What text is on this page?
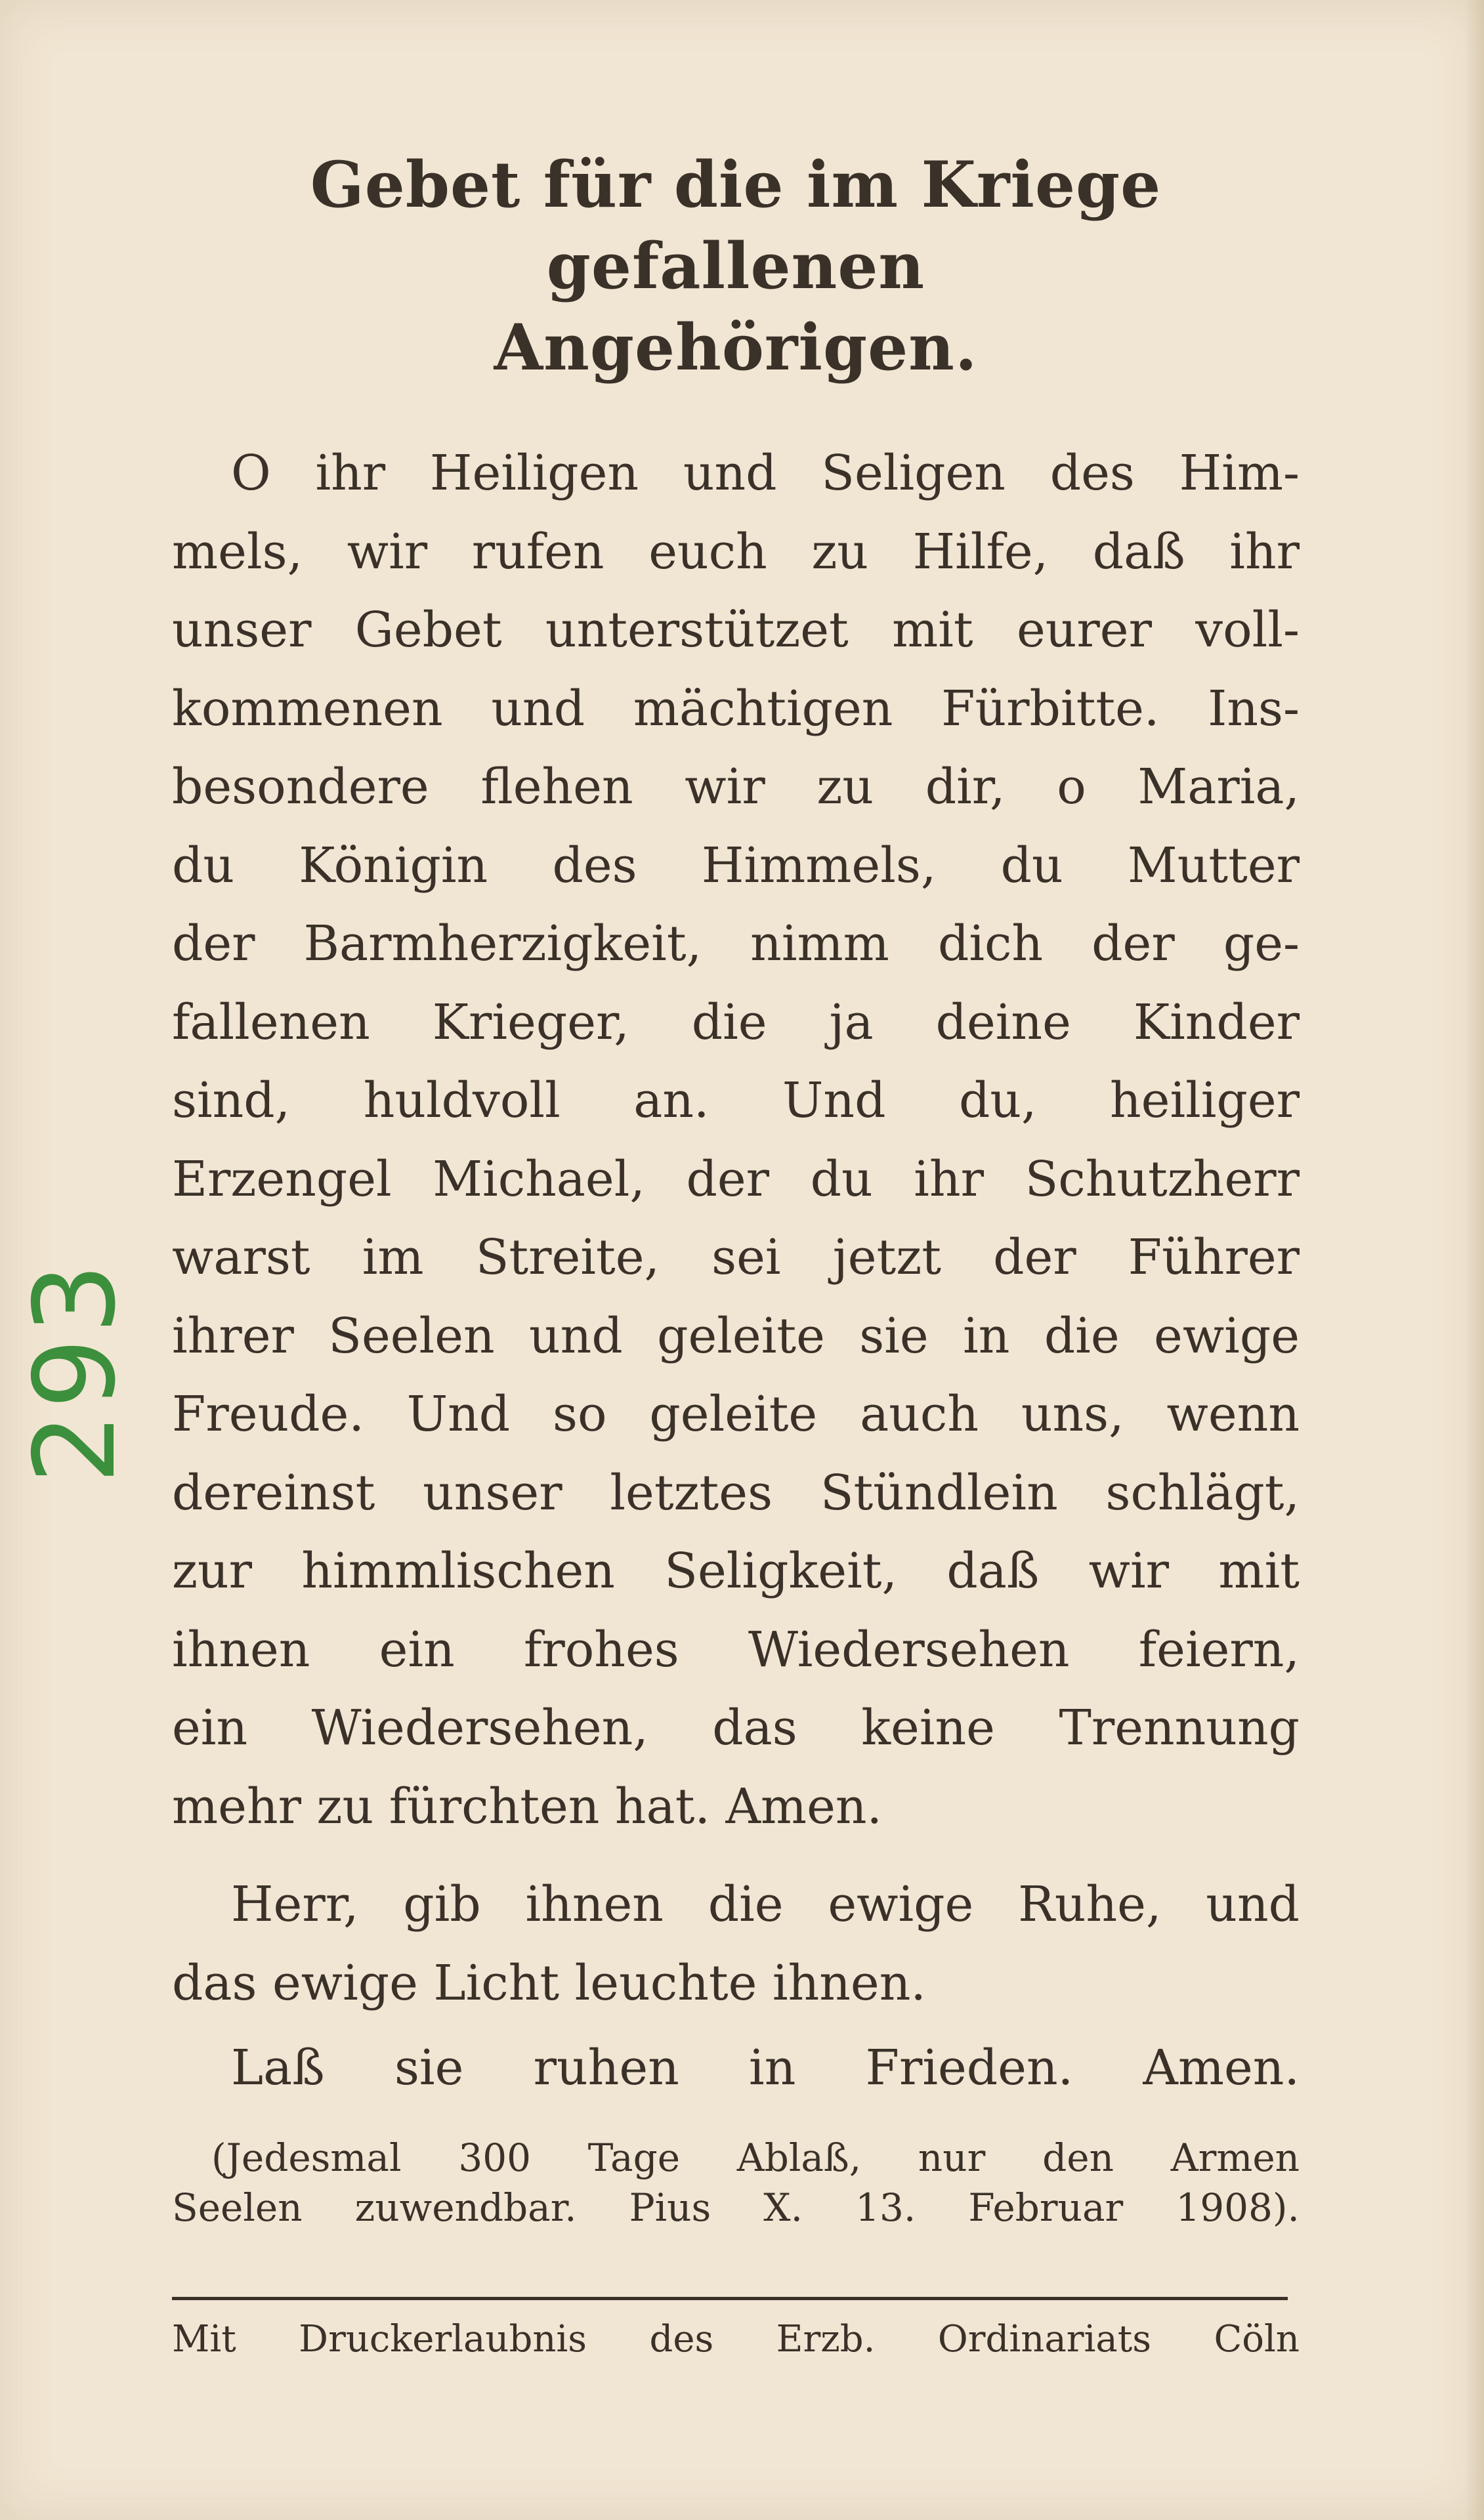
293
Gebet für die im Kriege gefallenen
Angehörigen.
O ihr Heiligen und Seligen des Him-
mels, wir rufen euch zu Hilfe, daß ihr
unser Gebet unterstützet mit eurer voll-
kommenen und mächtigen Fürbitte. Ins-
besondere flehen wir zu dir, o Maria,
du Königin des Himmels, du Mutter
der Barmherzigkeit, nimm dich der ge-
fallenen Krieger, die ja deine Kinder
sind, huldvoll an. Und du, heiliger
Erzengel Michael, der du ihr Schutzherr
warst im Streite, sei jetzt der Führer
ihrer Seelen und geleite sie in die ewige
Freude. Und so geleite auch uns, wenn
dereinst unser letztes Stündlein schlägt,
zur himmlischen Seligkeit, daß wir mit
ihnen ein frohes Wiedersehen feiern,
ein Wiedersehen, das keine Trennung
mehr zu fürchten hat. Amen.
Herr, gib ihnen die ewige Ruhe, und
das ewige Licht leuchte ihnen.
Laß sie ruhen in Frieden. Amen.
(Jedesmal 300 Tage Ablaß, nur den Armen
Seelen zuwendbar. Pius X. 13. Februar 1908).
Mit Druckerlaubnis des Erzb. Ordinariats Cöln
